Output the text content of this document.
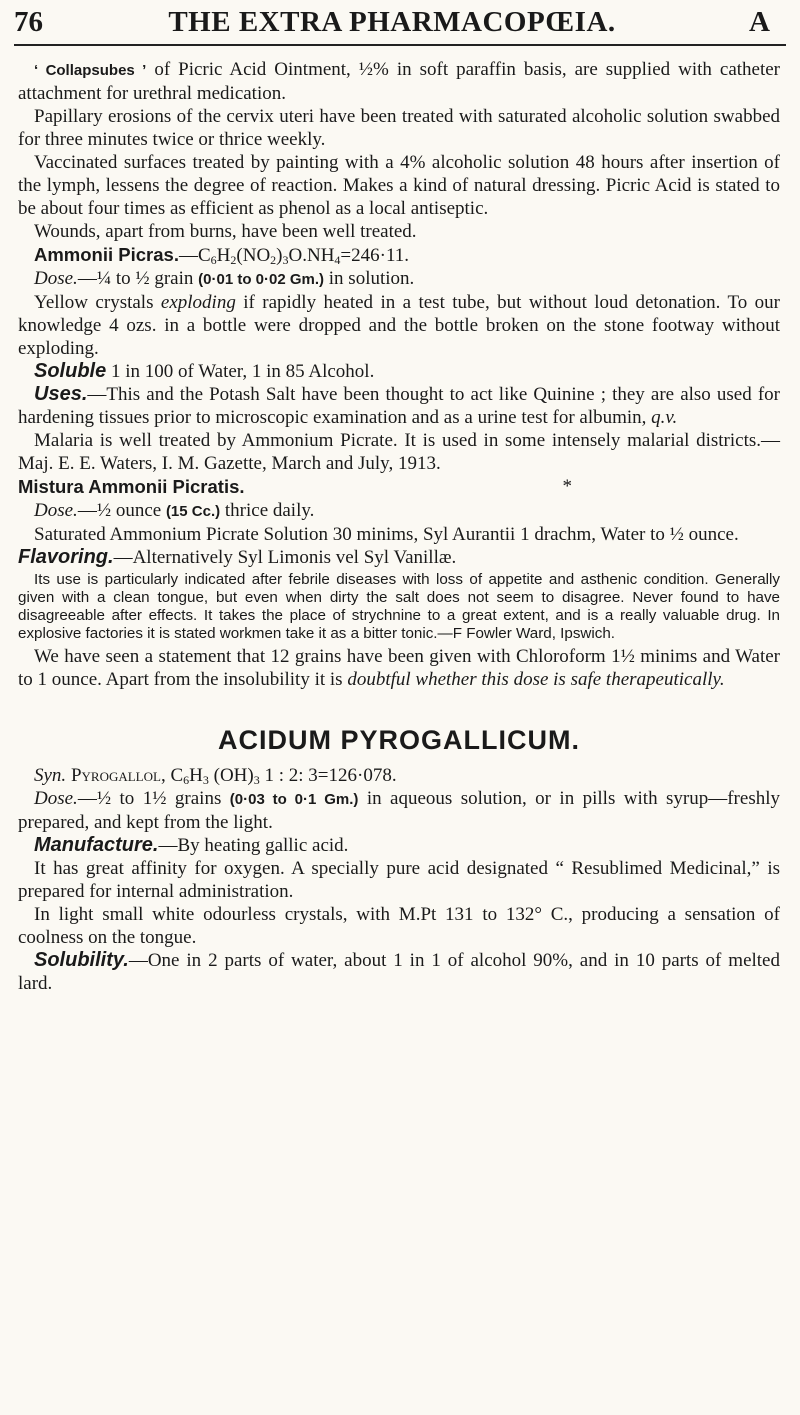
76	THE EXTRA PHARMACOPŒIA.	A

‘ Collapsubes ’ of Picric Acid Ointment, ½% in soft paraffin basis, are supplied with catheter attachment for urethral medication.

Papillary erosions of the cervix uteri have been treated with saturated alcoholic solution swabbed for three minutes twice or thrice weekly.

Vaccinated surfaces treated by painting with a 4% alcoholic solution 48 hours after insertion of the lymph, lessens the degree of reaction. Makes a kind of natural dressing. Picric Acid is stated to be about four times as efficient as phenol as a local antiseptic.

Wounds, apart from burns, have been well treated.

Ammonii $Picras.—C_6H_2(NO_2)_3O.NH_4=246\cdot 11$.

Dose.—¼ to ½ grain (0·01 to 0·02 Gm.) in solution.

Yellow crystals exploding if rapidly heated in a test tube, but without loud detonation. To our knowledge 4 ozs. in a bottle were dropped and the bottle broken on the stone footway without exploding.

Soluble 1 in 100 of Water, 1 in 85 Alcohol.

Uses.—This and the Potash Salt have been thought to act like Quinine ; they are also used for hardening tissues prior to microscopic examination and as a urine test for albumin, q.v.

Malaria is well treated by Ammonium Picrate. It is used in some intensely malarial districts.—Maj. E. E. Waters, I. M. Gazette, March and July, 1913.

Mistura Ammonii Picratis.	*

Dose.—½ ounce (15 Cc.) thrice daily.

Saturated Ammonium Picrate Solution 30 minims, Syl Aurantii 1 drachm, Water to ½ ounce.

Flavoring.—Alternatively Syl Limonis vel Syl Vanillæ.

Its use is particularly indicated after febrile diseases with loss of appetite and asthenic condition. Generally given with a clean tongue, but even when dirty the salt does not seem to disagree. Never found to have disagreeable after effects. It takes the place of strychnine to a great extent, and is a really valuable drug. In explosive factories it is stated workmen take it as a bitter tonic.—F Fowler Ward, Ipswich.

We have seen a statement that 12 grains have been given with Chloroform 1½ minims and Water to 1 ounce. Apart from the insolubility it is doubtful whether this dose is safe therapeutically.

ACIDUM PYROGALLICUM.

Syn. Pyrogallol, $C_6H_3$ $(OH)_3$ 1 : 2: 3=126·078.

Dose.—½ to 1½ grains (0·03 to 0·1 Gm.) in aqueous solution, or in pills with syrup—freshly prepared, and kept from the light.

Manufacture.—By heating gallic acid.

It has great affinity for oxygen. A specially pure acid designated “ Resublimed Medicinal,” is prepared for internal administration.

In light small white odourless crystals, with M.Pt 131 to 132° C., producing a sensation of coolness on the tongue.

Solubility.—One in 2 parts of water, about 1 in 1 of alcohol 90%, and in 10 parts of melted lard.
